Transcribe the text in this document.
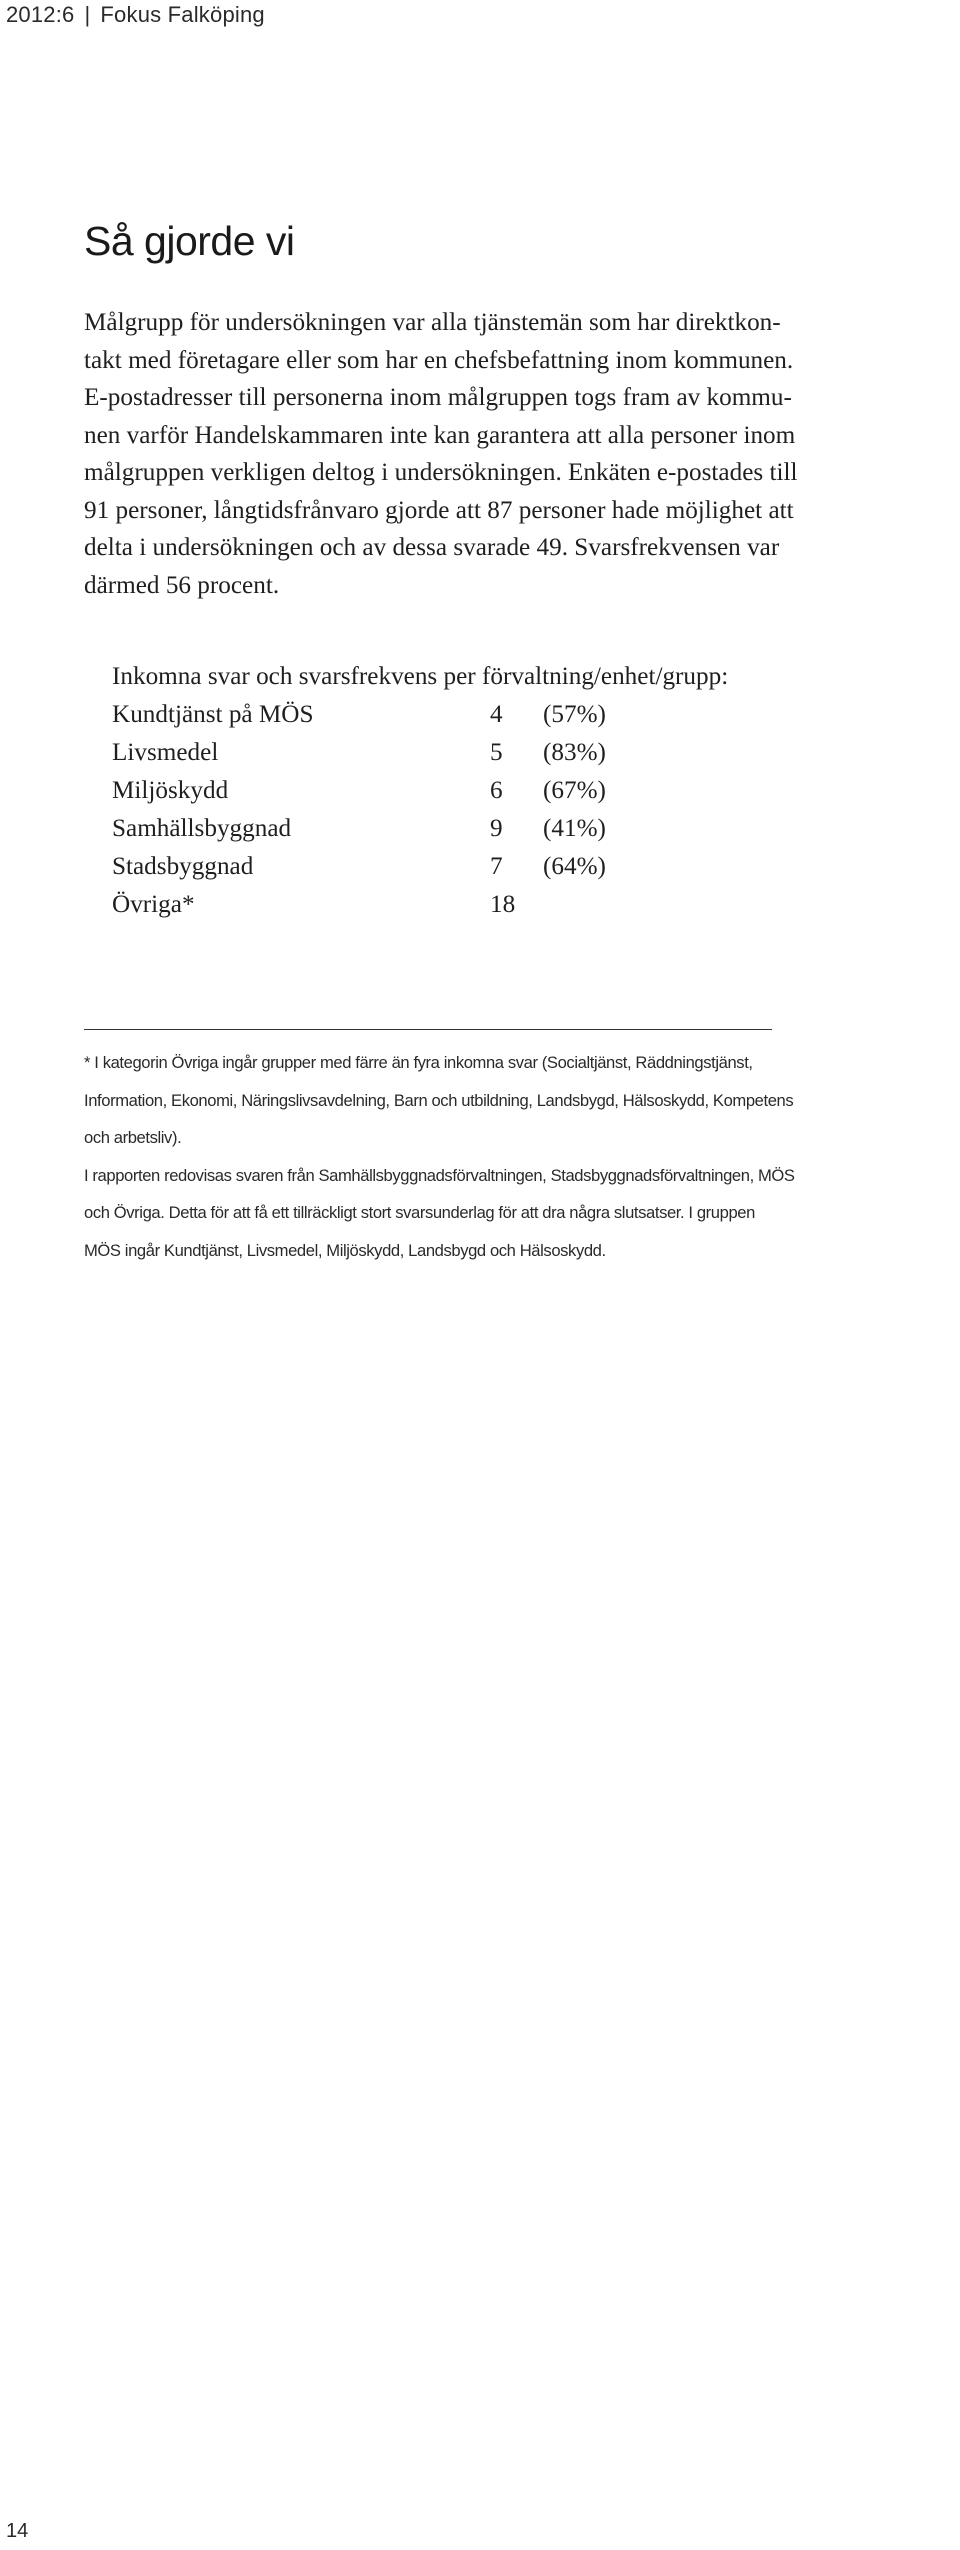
2012:6 | Fokus Falköping
Så gjorde vi

Målgrupp för undersökningen var alla tjänstemän som har direktkon-
takt med företagare eller som har en chefsbefattning inom kommunen.
E-postadresser till personerna inom målgruppen togs fram av kommu-
nen varför Handelskammaren inte kan garantera att alla personer inom
målgruppen verkligen deltog i undersökningen. Enkäten e-postades till
91 personer, långtidsfrånvaro gjorde att 87 personer hade möjlighet att
delta i undersökningen och av dessa svarade 49. Svarsfrekvensen var
därmed 56 procent.

Inkomna svar och svarsfrekvens per förvaltning/enhet/grupp:
Kundtjänst på MÖS	4	(57%)
Livsmedel	5	(83%)
Miljöskydd	6	(67%)
Samhällsbyggnad	9	(41%)
Stadsbyggnad	7	(64%)
Övriga*	18	
* I kategorin Övriga ingår grupper med färre än fyra inkomna svar (Socialtjänst, Räddningstjänst,
Information, Ekonomi, Näringslivsavdelning, Barn och utbildning, Landsbygd, Hälsoskydd, Kompetens
och arbetsliv).
I rapporten redovisas svaren från Samhällsbyggnadsförvaltningen, Stadsbyggnadsförvaltningen, MÖS
och Övriga. Detta för att få ett tillräckligt stort svarsunderlag för att dra några slutsatser. I gruppen
MÖS ingår Kundtjänst, Livsmedel, Miljöskydd, Landsbygd och Hälsoskydd.
14
